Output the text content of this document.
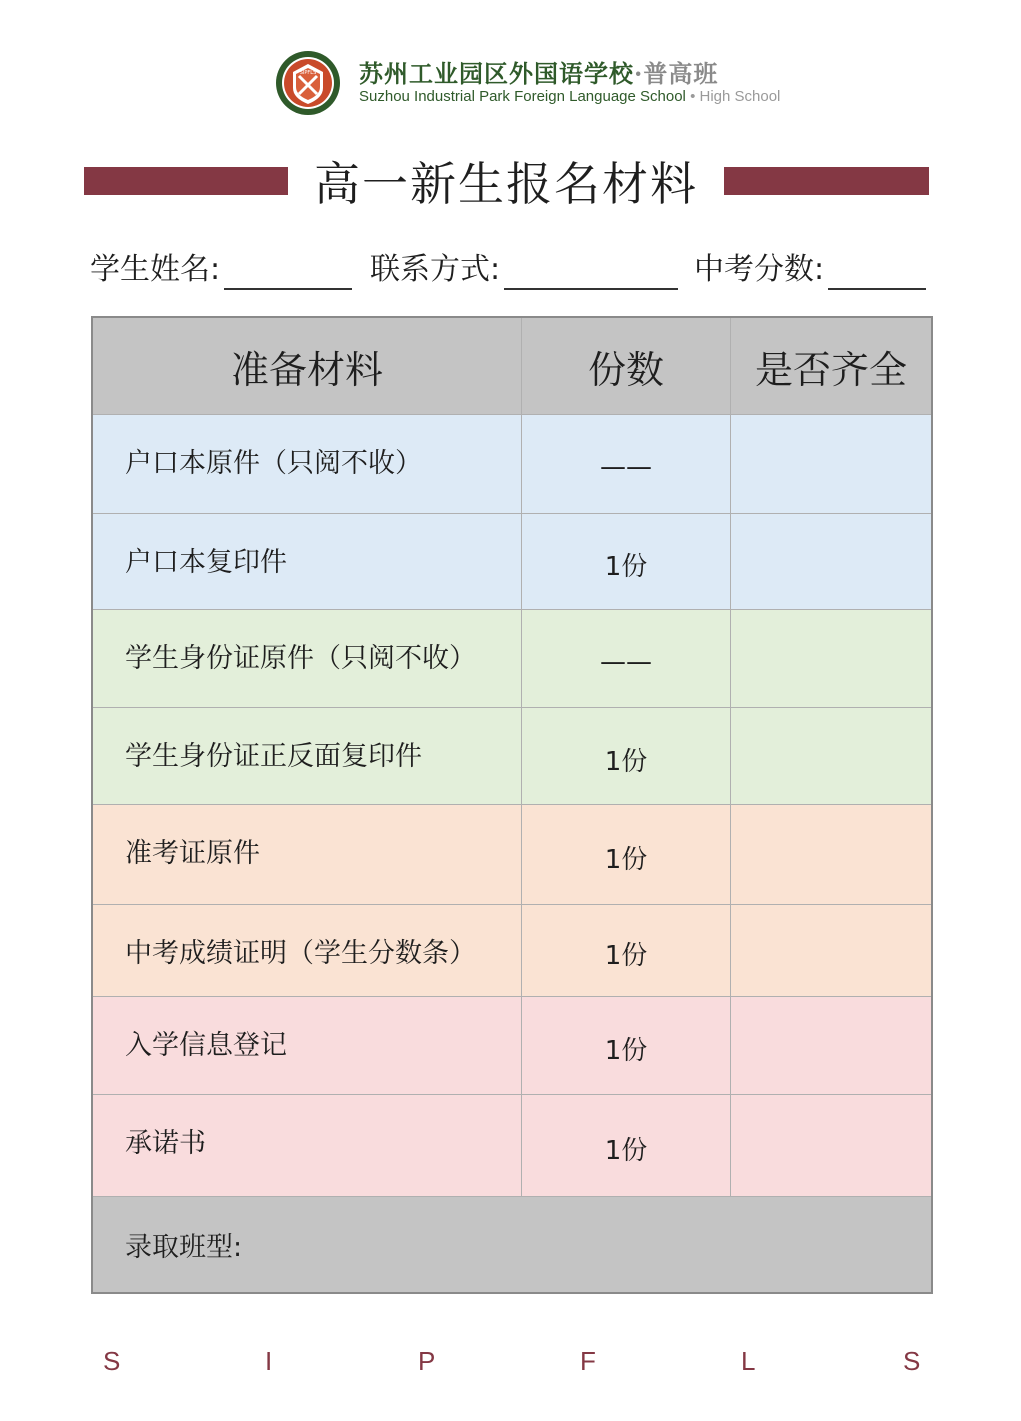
SIPFLS 苏州工业园区外国语学校·普高班
Suzhou Industrial Park Foreign Language School • High School
高一新生报名材料
学生姓名:	联系方式:	中考分数:
准备材料	份数	是否齐全
户口本原件（只阅不收）	——
户口本复印件	1份
学生身份证原件（只阅不收）	——
学生身份证正反面复印件	1份
准考证原件	1份
中考成绩证明（学生分数条）	1份
入学信息登记	1份
承诺书	1份
录取班型:
S	I	P	F	L	S
